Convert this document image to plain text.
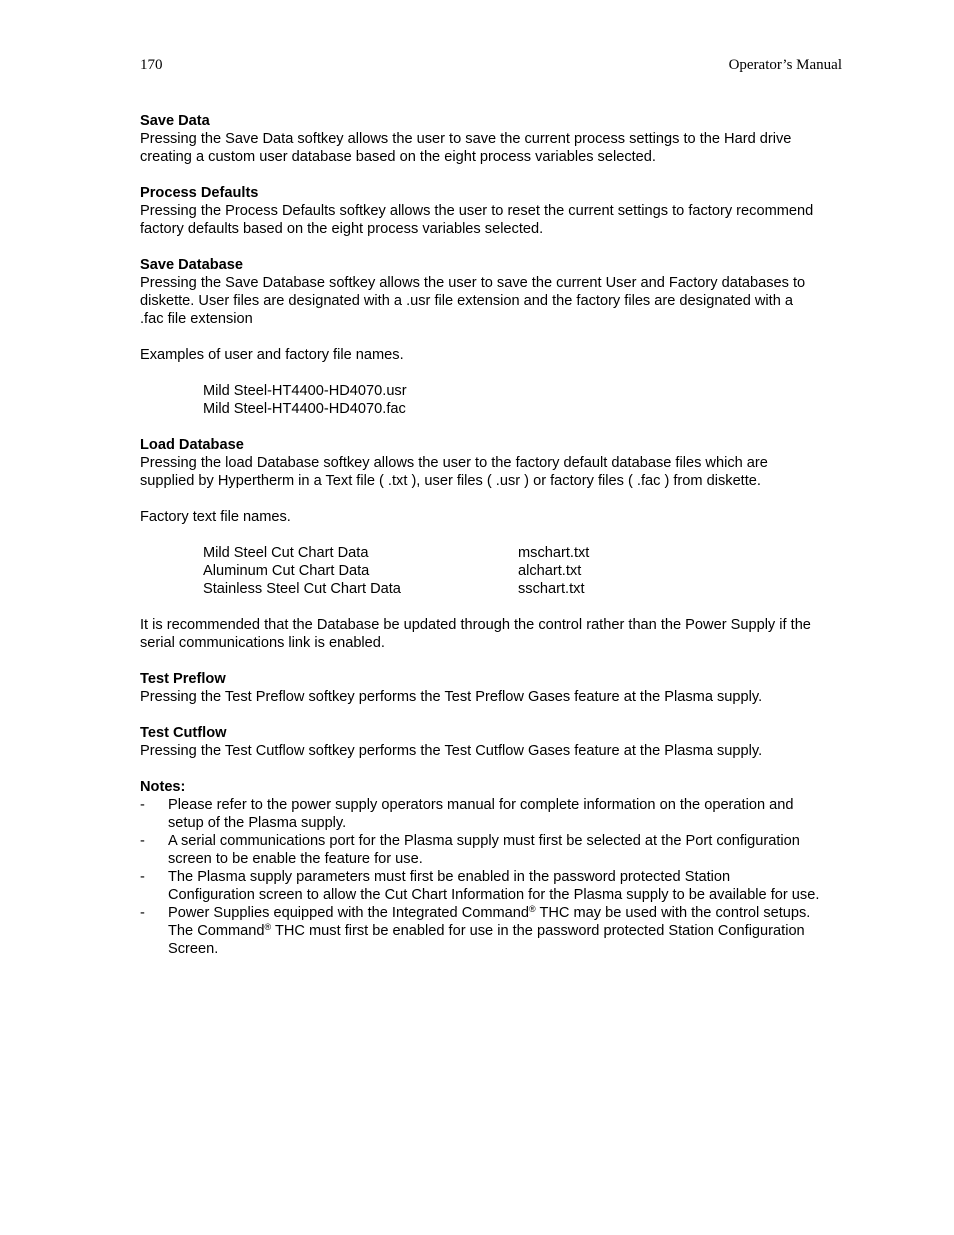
170	Operator’s Manual

Save Data

Pressing the Save Data softkey allows the user to save the current process settings to the Hard drive creating a custom user database based on the eight process variables selected.

Process Defaults

Pressing the Process Defaults softkey allows the user to reset the current settings to factory recommend factory defaults based on the eight process variables selected.

Save Database

Pressing the Save Database softkey allows the user to save the current User and Factory databases to diskette. User files are designated with a .usr file extension and the factory files are designated with a .fac file extension

Examples of user and factory file names.

Mild Steel-HT4400-HD4070.usr

Mild Steel-HT4400-HD4070.fac

Load Database

Pressing the load Database softkey allows the user to the factory default database files which are supplied by Hypertherm in a Text file ( .txt ), user files ( .usr ) or factory files ( .fac ) from diskette.

Factory text file names.

Mild Steel Cut Chart Data	mschart.txt
Aluminum Cut Chart Data	alchart.txt
Stainless Steel Cut Chart Data	sschart.txt

It is recommended that the Database be updated through the control rather than the Power Supply if the serial communications link is enabled.

Test Preflow

Pressing the Test Preflow softkey performs the Test Preflow Gases feature at the Plasma supply.

Test Cutflow

Pressing the Test Cutflow softkey performs the Test Cutflow Gases feature at the Plasma supply.

Notes:

- Please refer to the power supply operators manual for complete information on the operation and setup of the Plasma supply.
- A serial communications port for the Plasma supply must first be selected at the Port configuration screen to be enable the feature for use.
- The Plasma supply parameters must first be enabled in the password protected Station Configuration screen to allow the Cut Chart Information for the Plasma supply to be available for use.
- Power Supplies equipped with the Integrated Command® THC may be used with the control setups. The Command® THC must first be enabled for use in the password protected Station Configuration Screen.
